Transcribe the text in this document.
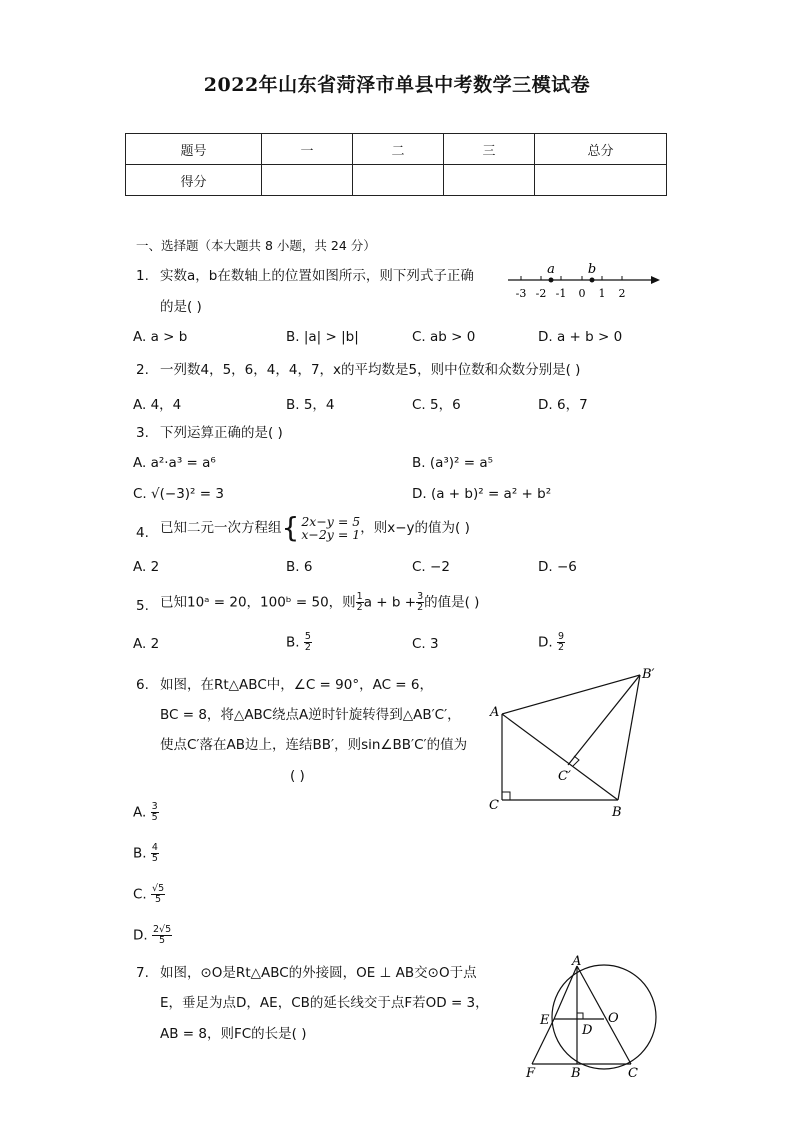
2022年山东省菏泽市单县中考数学三模试卷
题号	一	二	三	总分
得分				
一、选择题（本大题共 8 小题，共 24 分）
1. 实数a，b在数轴上的位置如图所示，则下列式子正确
的是( )
a	b
-3 -2 -1 0 1 2
A. a > b	B. |a| > |b|	C. ab > 0	D. a + b > 0
2. 一列数4，5，6，4，4，7，x的平均数是5，则中位数和众数分别是( )
A. 4，4	B. 5，4	C. 5，6	D. 6，7
3. 下列运算正确的是( )
A. a²·a³ = a⁶	B. (a³)² = a⁵
C. √(−3)² = 3	D. (a + b)² = a² + b²
4. 已知二元一次方程组{ 2x−y = 5
x−2y = 1 ，则x−y的值为( )
A. 2	B. 6	C. −2	D. −6
5. 已知10ᵃ = 20，100ᵇ = 50，则 $\frac{1}{2}$ $a + b + \frac{3}{2}$ 的值是( )
A. 2	B. $\frac{5}{2}$	C. 3	D. $\frac{9}{2}$
6. 如图，在Rt△ABC中，∠C = 90°，AC = 6，
BC = 8，将△ABC绕点A逆时针旋转得到△AB′C′，
使点C′落在AB边上，连结BB′，则sin∠BB′C′的值为
( )
A
C	B
B′
C′
A. $\frac{3}{5}$
B. $\frac{4}{5}$
C. $\frac{√5}{5}$
D. $\frac{2√5}{5}$
7. 如图，⊙O是Rt△ABC的外接圆，OE ⊥ AB交⊙O于点
E，垂足为点D，AE，CB的延长线交于点F若OD = 3，
AB = 8，则FC的长是( )
A
E
D
O
F	B	C
